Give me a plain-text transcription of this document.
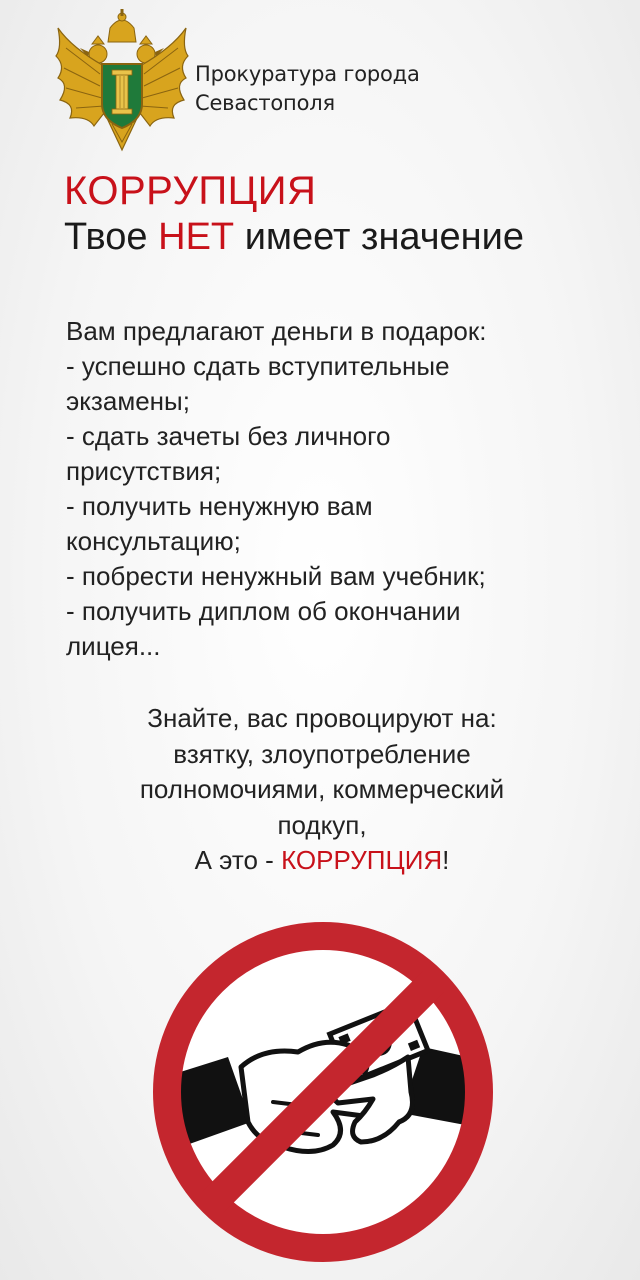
Прокуратура города
Севастополя
КОРРУПЦИЯ
Твое НЕТ имеет значение
Вам предлагают деньги в подарок:
- успешно сдать вступительные
экзамены;
- сдать зачеты без личного
присутствия;
- получить ненужную вам
консультацию;
- побрести ненужный вам учебник;
- получить диплом об окончании
лицея...
Знайте, вас провоцируют на:
взятку, злоупотребление
полномочиями, коммерческий
подкуп,
А это - КОРРУПЦИЯ!
